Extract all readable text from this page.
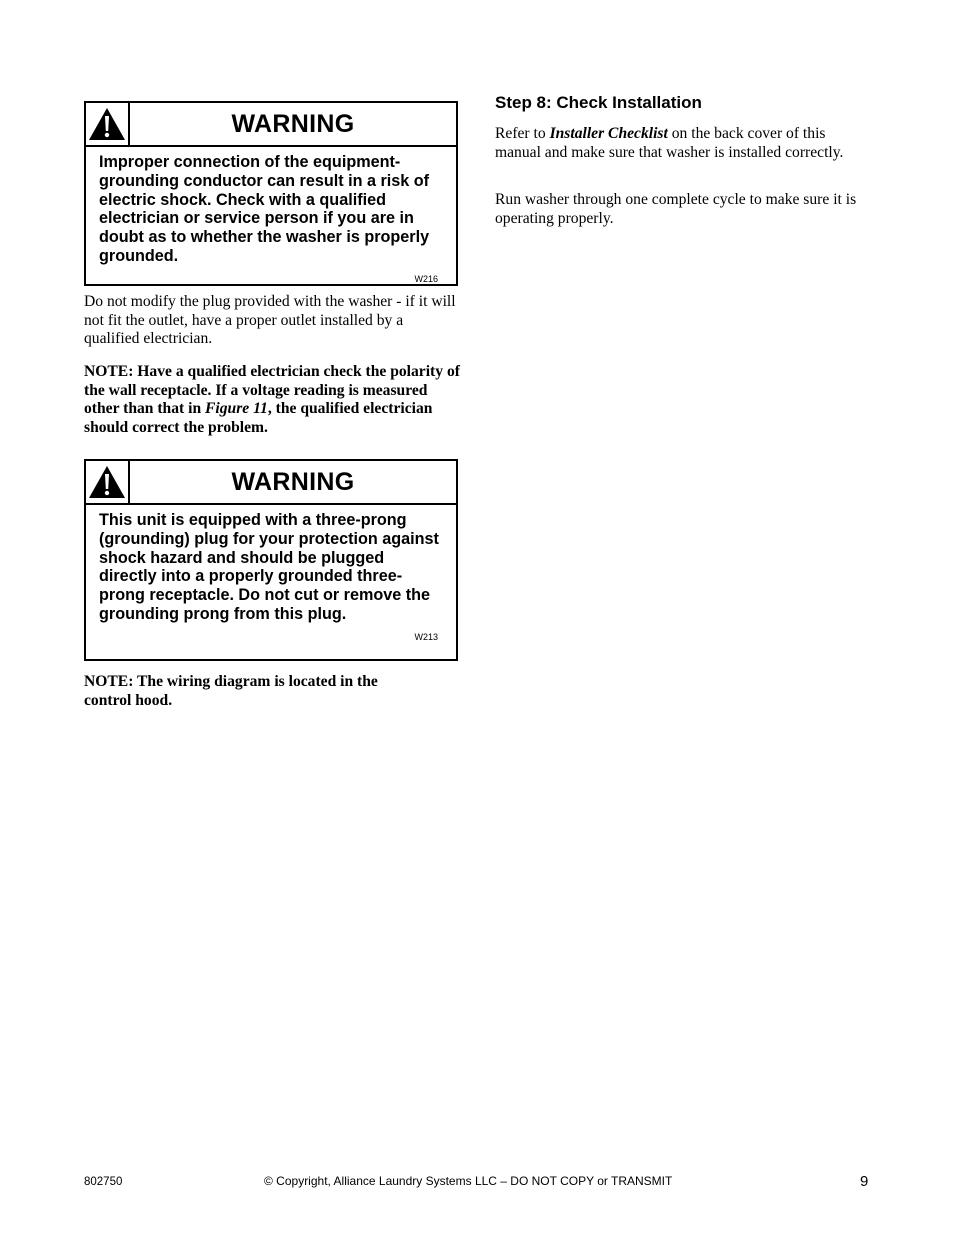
WARNING
Improper connection of the equipment-grounding conductor can result in a risk of electric shock. Check with a qualified electrician or service person if you are in doubt as to whether the washer is properly grounded.
W216

Do not modify the plug provided with the washer - if it will not fit the outlet, have a proper outlet installed by a qualified electrician.

NOTE: Have a qualified electrician check the polarity of the wall receptacle. If a voltage reading is measured other than that in Figure 11, the qualified electrician should correct the problem.

WARNING
This unit is equipped with a three-prong (grounding) plug for your protection against shock hazard and should be plugged directly into a properly grounded three-prong receptacle. Do not cut or remove the grounding prong from this plug.
W213

NOTE: The wiring diagram is located in the control hood.

Step 8: Check Installation

Refer to Installer Checklist on the back cover of this manual and make sure that washer is installed correctly.

Run washer through one complete cycle to make sure it is operating properly.

802750	© Copyright, Alliance Laundry Systems LLC – DO NOT COPY or TRANSMIT	9
